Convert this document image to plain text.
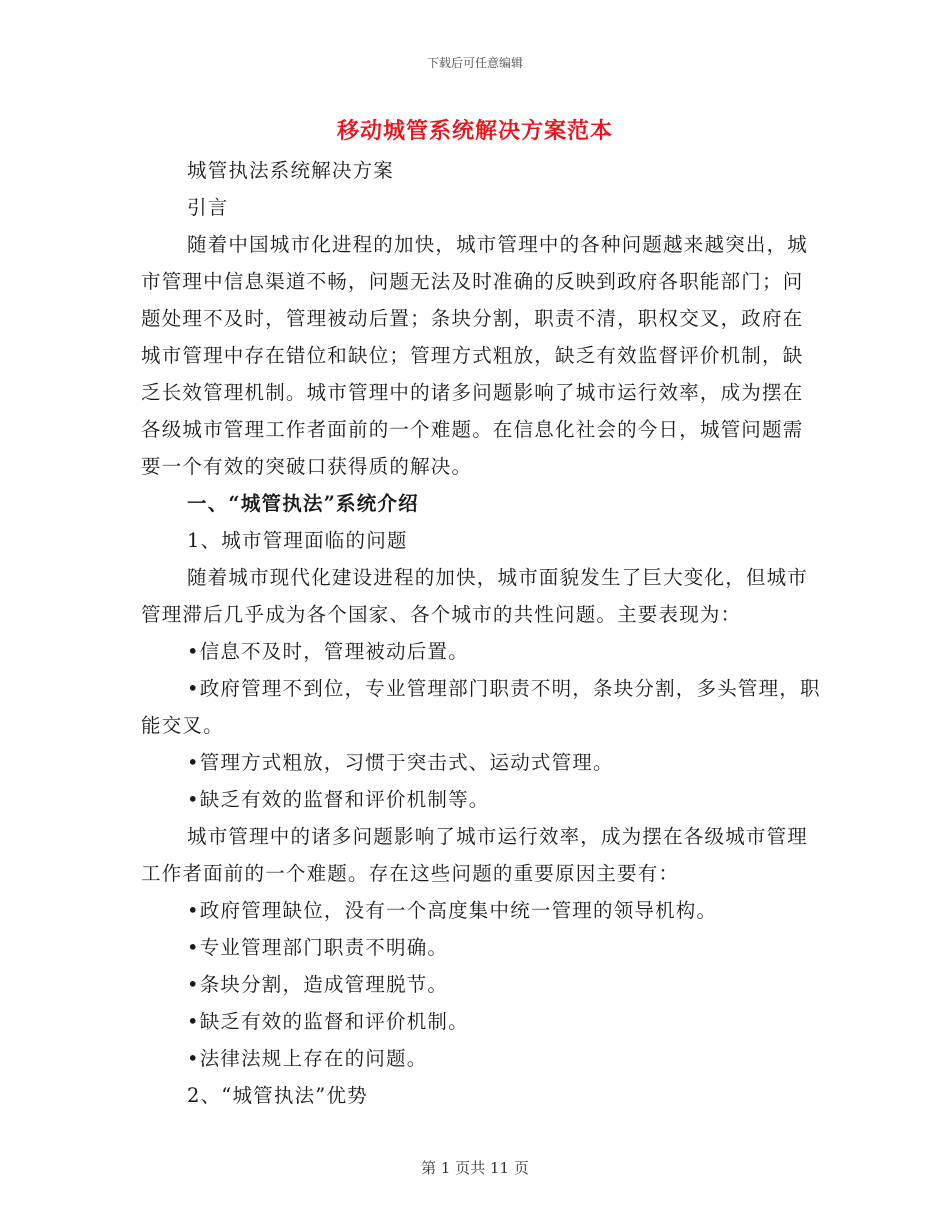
下载后可任意编辑
移动城管系统解决方案范本

城管执法系统解决方案

引言

随着中国城市化进程的加快，城市管理中的各种问题越来越突出，城市管理中信息渠道不畅，问题无法及时准确的反映到政府各职能部门；问题处理不及时，管理被动后置；条块分割，职责不清，职权交叉，政府在城市管理中存在错位和缺位；管理方式粗放，缺乏有效监督评价机制，缺乏长效管理机制。城市管理中的诸多问题影响了城市运行效率，成为摆在各级城市管理工作者面前的一个难题。在信息化社会的今日，城管问题需要一个有效的突破口获得质的解决。

一、“城管执法”系统介绍

1、城市管理面临的问题

随着城市现代化建设进程的加快，城市面貌发生了巨大变化，但城市管理滞后几乎成为各个国家、各个城市的共性问题。主要表现为：

•信息不及时，管理被动后置。

•政府管理不到位，专业管理部门职责不明，条块分割，多头管理，职能交叉。

•管理方式粗放，习惯于突击式、运动式管理。

•缺乏有效的监督和评价机制等。

城市管理中的诸多问题影响了城市运行效率，成为摆在各级城市管理工作者面前的一个难题。存在这些问题的重要原因主要有：

•政府管理缺位，没有一个高度集中统一管理的领导机构。

•专业管理部门职责不明确。

•条块分割，造成管理脱节。

•缺乏有效的监督和评价机制。

•法律法规上存在的问题。

2、“城管执法”优势

第 1 页共 11 页
